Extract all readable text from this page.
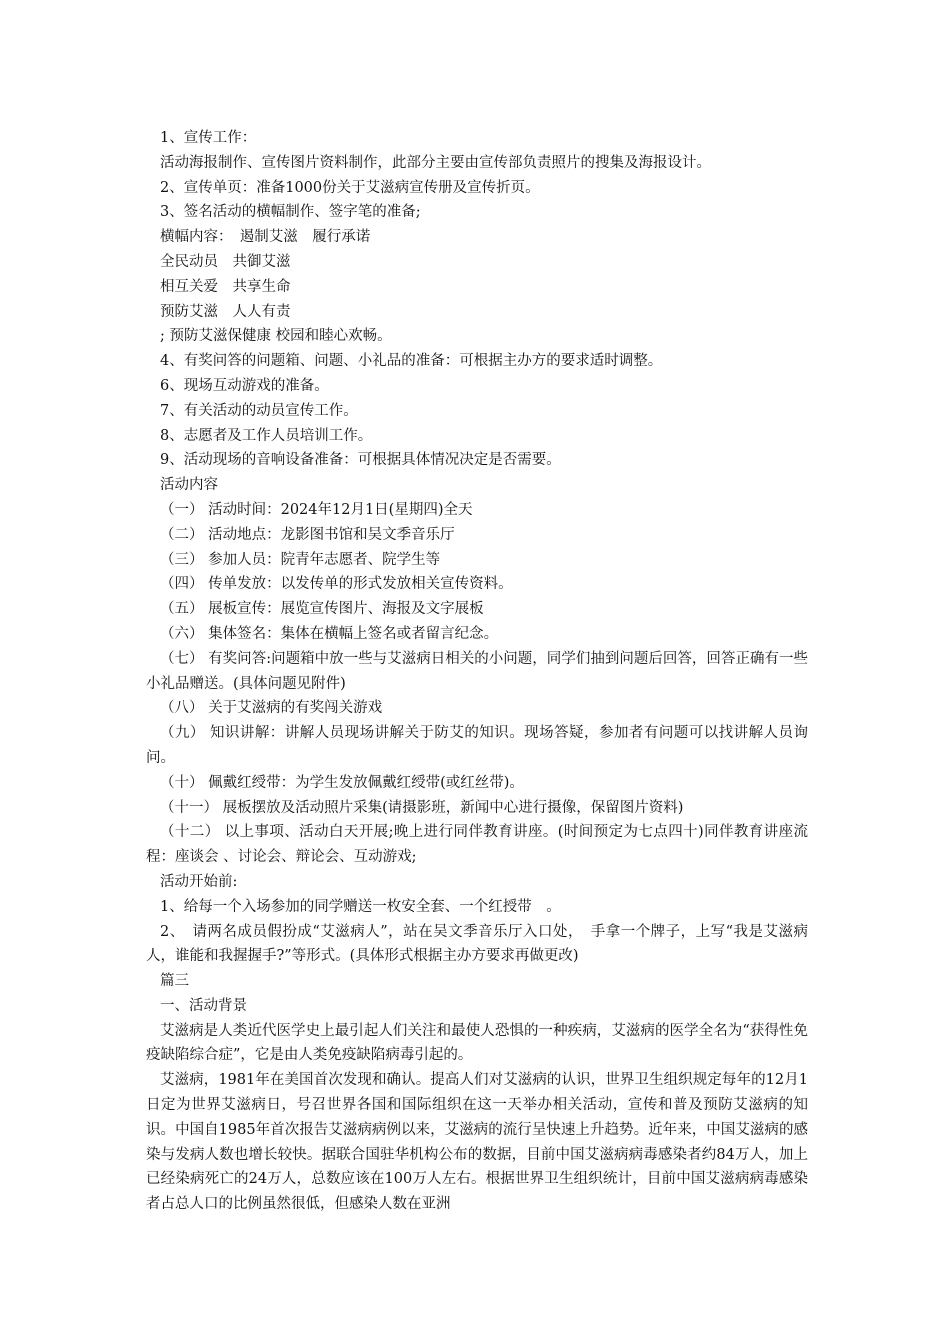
1、宣传工作：

活动海报制作、宣传图片资料制作，此部分主要由宣传部负责照片的搜集及海报设计。

2、宣传单页：准备1000份关于艾滋病宣传册及宣传折页。

3、签名活动的横幅制作、签字笔的准备;

横幅内容：　遏制艾滋　履行承诺

全民动员　共御艾滋

相互关爱　共享生命

预防艾滋　人人有责

; 预防艾滋保健康 校园和睦心欢畅。

4、有奖问答的问题箱、问题、小礼品的准备：可根据主办方的要求适时调整。

6、现场互动游戏的准备。

7、有关活动的动员宣传工作。

8、志愿者及工作人员培训工作。

9、活动现场的音响设备准备：可根据具体情况决定是否需要。

活动内容

（一） 活动时间：2024年12月1日(星期四)全天

（二） 活动地点：龙影图书馆和吴文季音乐厅

（三） 参加人员：院青年志愿者、院学生等

（四） 传单发放：以发传单的形式发放相关宣传资料。

（五） 展板宣传：展览宣传图片、海报及文字展板

（六） 集体签名：集体在横幅上签名或者留言纪念。

（七） 有奖问答:问题箱中放一些与艾滋病日相关的小问题，同学们抽到问题后回答，回答正确有一些小礼品赠送。(具体问题见附件)

（八） 关于艾滋病的有奖闯关游戏

（九） 知识讲解：讲解人员现场讲解关于防艾的知识。现场答疑，参加者有问题可以找讲解人员询问。

（十） 佩戴红绶带：为学生发放佩戴红绶带(或红丝带)。

（十一） 展板摆放及活动照片采集(请摄影班，新闻中心进行摄像，保留图片资料)

（十二） 以上事项、活动白天开展;晚上进行同伴教育讲座。(时间预定为七点四十)同伴教育讲座流程：座谈会 、讨论会、辩论会、互动游戏;

活动开始前:

1、给每一个入场参加的同学赠送一枚安全套、一个红授带　。

2、　请两名成员假扮成“艾滋病人”，站在吴文季音乐厅入口处，　手拿一个牌子，上写“我是艾滋病人，谁能和我握握手?”等形式。(具体形式根据主办方要求再做更改)

篇三

一、活动背景

艾滋病是人类近代医学史上最引起人们关注和最使人恐惧的一种疾病，艾滋病的医学全名为“获得性免疫缺陷综合症”，它是由人类免疫缺陷病毒引起的。

艾滋病，1981年在美国首次发现和确认。提高人们对艾滋病的认识，世界卫生组织规定每年的12月1日定为世界艾滋病日，号召世界各国和国际组织在这一天举办相关活动，宣传和普及预防艾滋病的知识。中国自1985年首次报告艾滋病病例以来，艾滋病的流行呈快速上升趋势。近年来，中国艾滋病的感染与发病人数也增长较快。据联合国驻华机构公布的数据，目前中国艾滋病病毒感染者约84万人，加上已经染病死亡的24万人，总数应该在100万人左右。根据世界卫生组织统计，目前中国艾滋病病毒感染者占总人口的比例虽然很低，但感染人数在亚洲
